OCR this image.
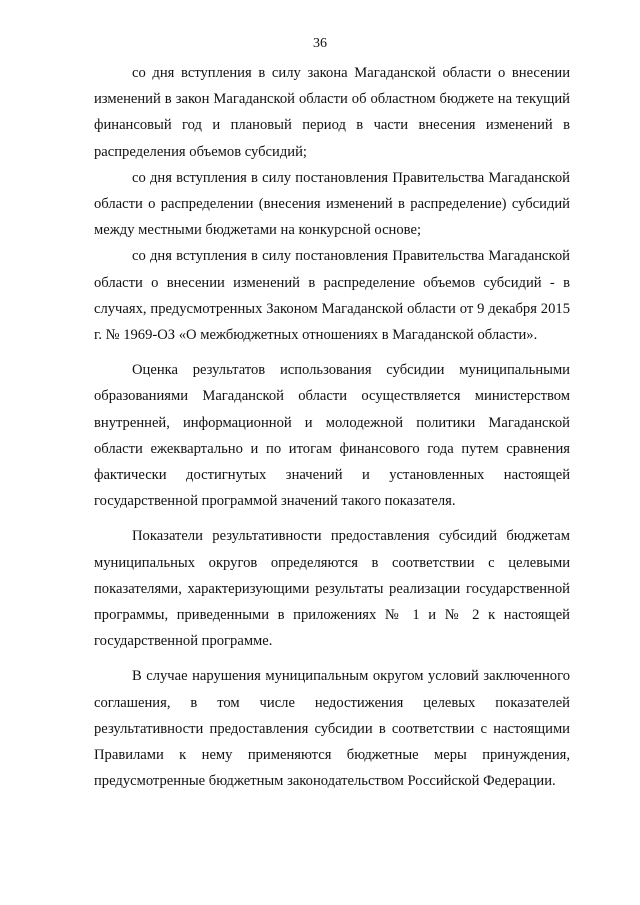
36

со дня вступления в силу закона Магаданской области о внесении изменений в закон Магаданской области об областном бюджете на текущий финансовый год и плановый период в части внесения изменений в распределения объемов субсидий;

со дня вступления в силу постановления Правительства Магаданской области о распределении (внесения изменений в распределение) субсидий между местными бюджетами на конкурсной основе;

со дня вступления в силу постановления Правительства Магаданской области о внесении изменений в распределение объемов субсидий - в случаях, предусмотренных Законом Магаданской области от 9 декабря 2015 г. № 1969-ОЗ «О межбюджетных отношениях в Магаданской области».

Оценка результатов использования субсидии муниципальными образованиями Магаданской области осуществляется министерством внутренней, информационной и молодежной политики Магаданской области ежеквартально и по итогам финансового года путем сравнения фактически достигнутых значений и установленных настоящей государственной программой значений такого показателя.

Показатели результативности предоставления субсидий бюджетам муниципальных округов определяются в соответствии с целевыми показателями, характеризующими результаты реализации государственной программы, приведенными в приложениях № 1 и № 2 к настоящей государственной программе.

В случае нарушения муниципальным округом условий заключенного соглашения, в том числе недостижения целевых показателей результативности предоставления субсидии в соответствии с настоящими Правилами к нему применяются бюджетные меры принуждения, предусмотренные бюджетным законодательством Российской Федерации.
